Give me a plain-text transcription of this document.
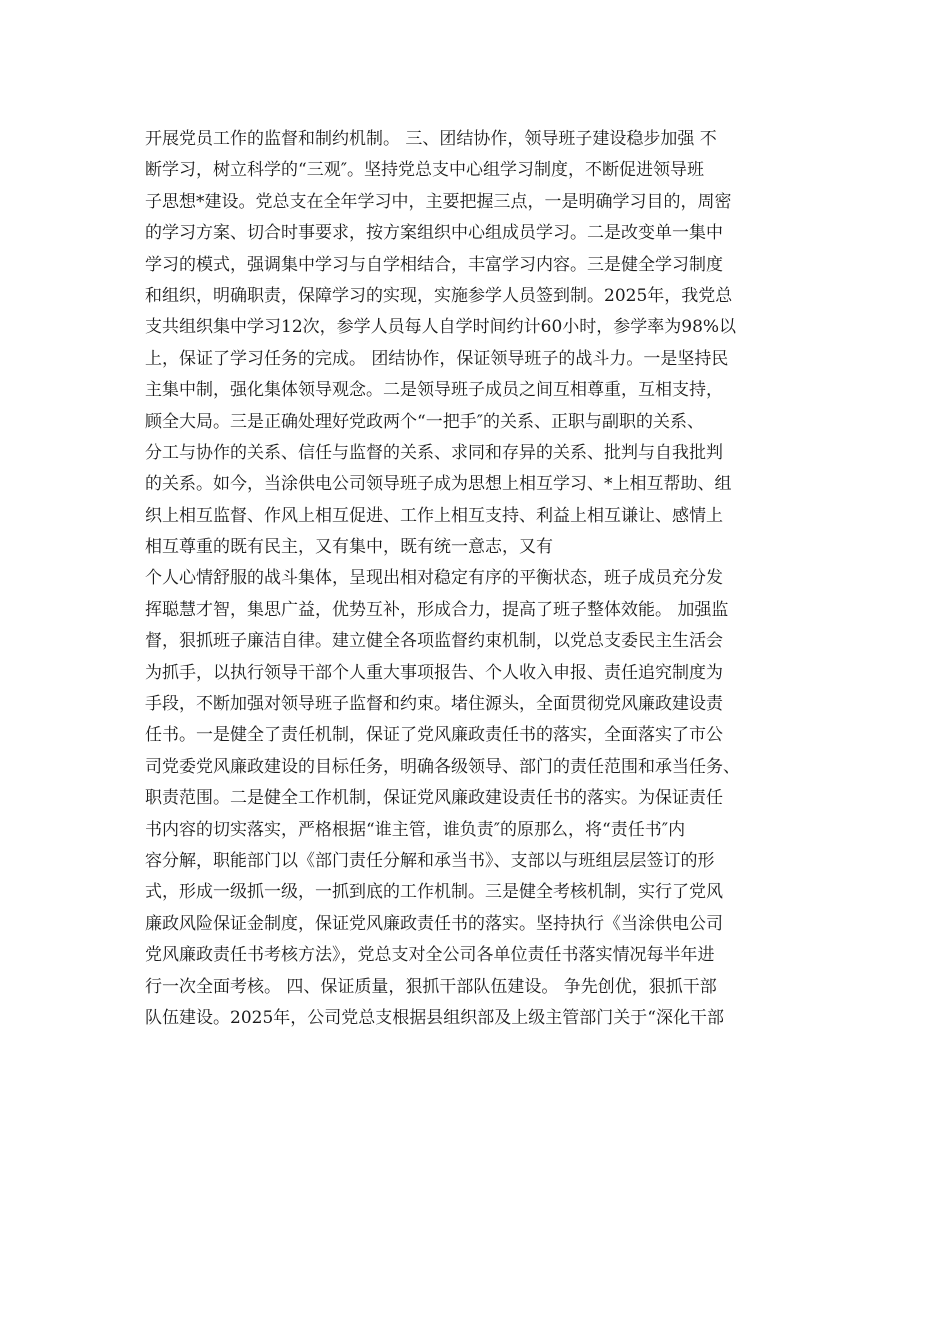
开展党员工作的监督和制约机制。 三、团结协作，领导班子建设稳步加强 不
断学习，树立科学的“三观″。坚持党总支中心组学习制度，不断促进领导班
子思想*建设。党总支在全年学习中，主要把握三点，一是明确学习目的，周密
的学习方案、切合时事要求，按方案组织中心组成员学习。二是改变单一集中
学习的模式，强调集中学习与自学相结合，丰富学习内容。三是健全学习制度
和组织，明确职责，保障学习的实现，实施参学人员签到制。2025年，我党总
支共组织集中学习12次，参学人员每人自学时间约计60小时，参学率为98%以
上，保证了学习任务的完成。 团结协作，保证领导班子的战斗力。一是坚持民
主集中制，强化集体领导观念。二是领导班子成员之间互相尊重，互相支持，
顾全大局。三是正确处理好党政两个“一把手″的关系、正职与副职的关系、
分工与协作的关系、信任与监督的关系、求同和存异的关系、批判与自我批判
的关系。如今，当涂供电公司领导班子成为思想上相互学习、*上相互帮助、组
织上相互监督、作风上相互促进、工作上相互支持、利益上相互谦让、感情上
相互尊重的既有民主，又有集中，既有统一意志，又有
个人心情舒服的战斗集体，呈现出相对稳定有序的平衡状态，班子成员充分发
挥聪慧才智，集思广益，优势互补，形成合力，提高了班子整体效能。 加强监
督，狠抓班子廉洁自律。建立健全各项监督约束机制，以党总支委民主生活会
为抓手，以执行领导干部个人重大事项报告、个人收入申报、责任追究制度为
手段，不断加强对领导班子监督和约束。堵住源头，全面贯彻党风廉政建设责
任书。一是健全了责任机制，保证了党风廉政责任书的落实，全面落实了市公
司党委党风廉政建设的目标任务，明确各级领导、部门的责任范围和承当任务、
职责范围。二是健全工作机制，保证党风廉政建设责任书的落实。为保证责任
书内容的切实落实，严格根据“谁主管，谁负责″的原那么，将“责任书″内
容分解，职能部门以《部门责任分解和承当书》、支部以与班组层层签订的形
式，形成一级抓一级，一抓到底的工作机制。三是健全考核机制，实行了党风
廉政风险保证金制度，保证党风廉政责任书的落实。坚持执行《当涂供电公司
党风廉政责任书考核方法》，党总支对全公司各单位责任书落实情况每半年进
行一次全面考核。 四、保证质量，狠抓干部队伍建设。 争先创优，狠抓干部
队伍建设。2025年，公司党总支根据县组织部及上级主管部门关于“深化干部
